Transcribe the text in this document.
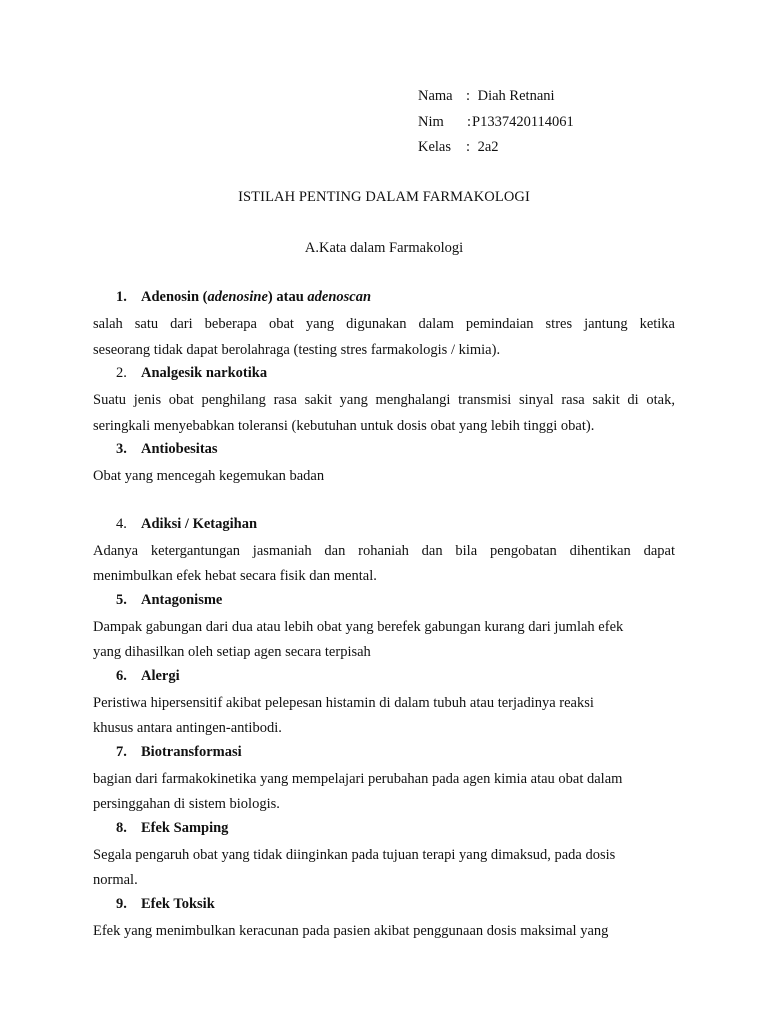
Nama : Diah Retnani
Nim :P1337420114061
Kelas : 2a2
ISTILAH PENTING DALAM FARMAKOLOGI
A.Kata dalam Farmakologi
1. Adenosin (adenosine) atau adenoscan
salah satu dari beberapa obat yang digunakan dalam pemindaian stres jantung ketika
seseorang tidak dapat berolahraga (testing stres farmakologis / kimia).
2. Analgesik narkotika
Suatu jenis obat penghilang rasa sakit yang menghalangi transmisi sinyal rasa sakit di otak,
seringkali menyebabkan toleransi (kebutuhan untuk dosis obat yang lebih tinggi obat).
3. Antiobesitas
Obat yang mencegah kegemukan badan
4. Adiksi / Ketagihan
Adanya ketergantungan jasmaniah dan rohaniah dan bila pengobatan dihentikan dapat
menimbulkan efek hebat secara fisik dan mental.
5. Antagonisme
Dampak gabungan dari dua atau lebih obat yang berefek gabungan kurang dari jumlah efek
yang dihasilkan oleh setiap agen secara terpisah
6. Alergi
Peristiwa hipersensitif akibat pelepesan histamin di dalam tubuh atau terjadinya reaksi
khusus antara antingen-antibodi.
7. Biotransformasi
bagian dari farmakokinetika yang mempelajari perubahan pada agen kimia atau obat dalam
persinggahan di sistem biologis.
8. Efek Samping
Segala pengaruh obat yang tidak diinginkan pada tujuan terapi yang dimaksud, pada dosis
normal.
9. Efek Toksik
Efek yang menimbulkan keracunan pada pasien akibat penggunaan dosis maksimal yang
